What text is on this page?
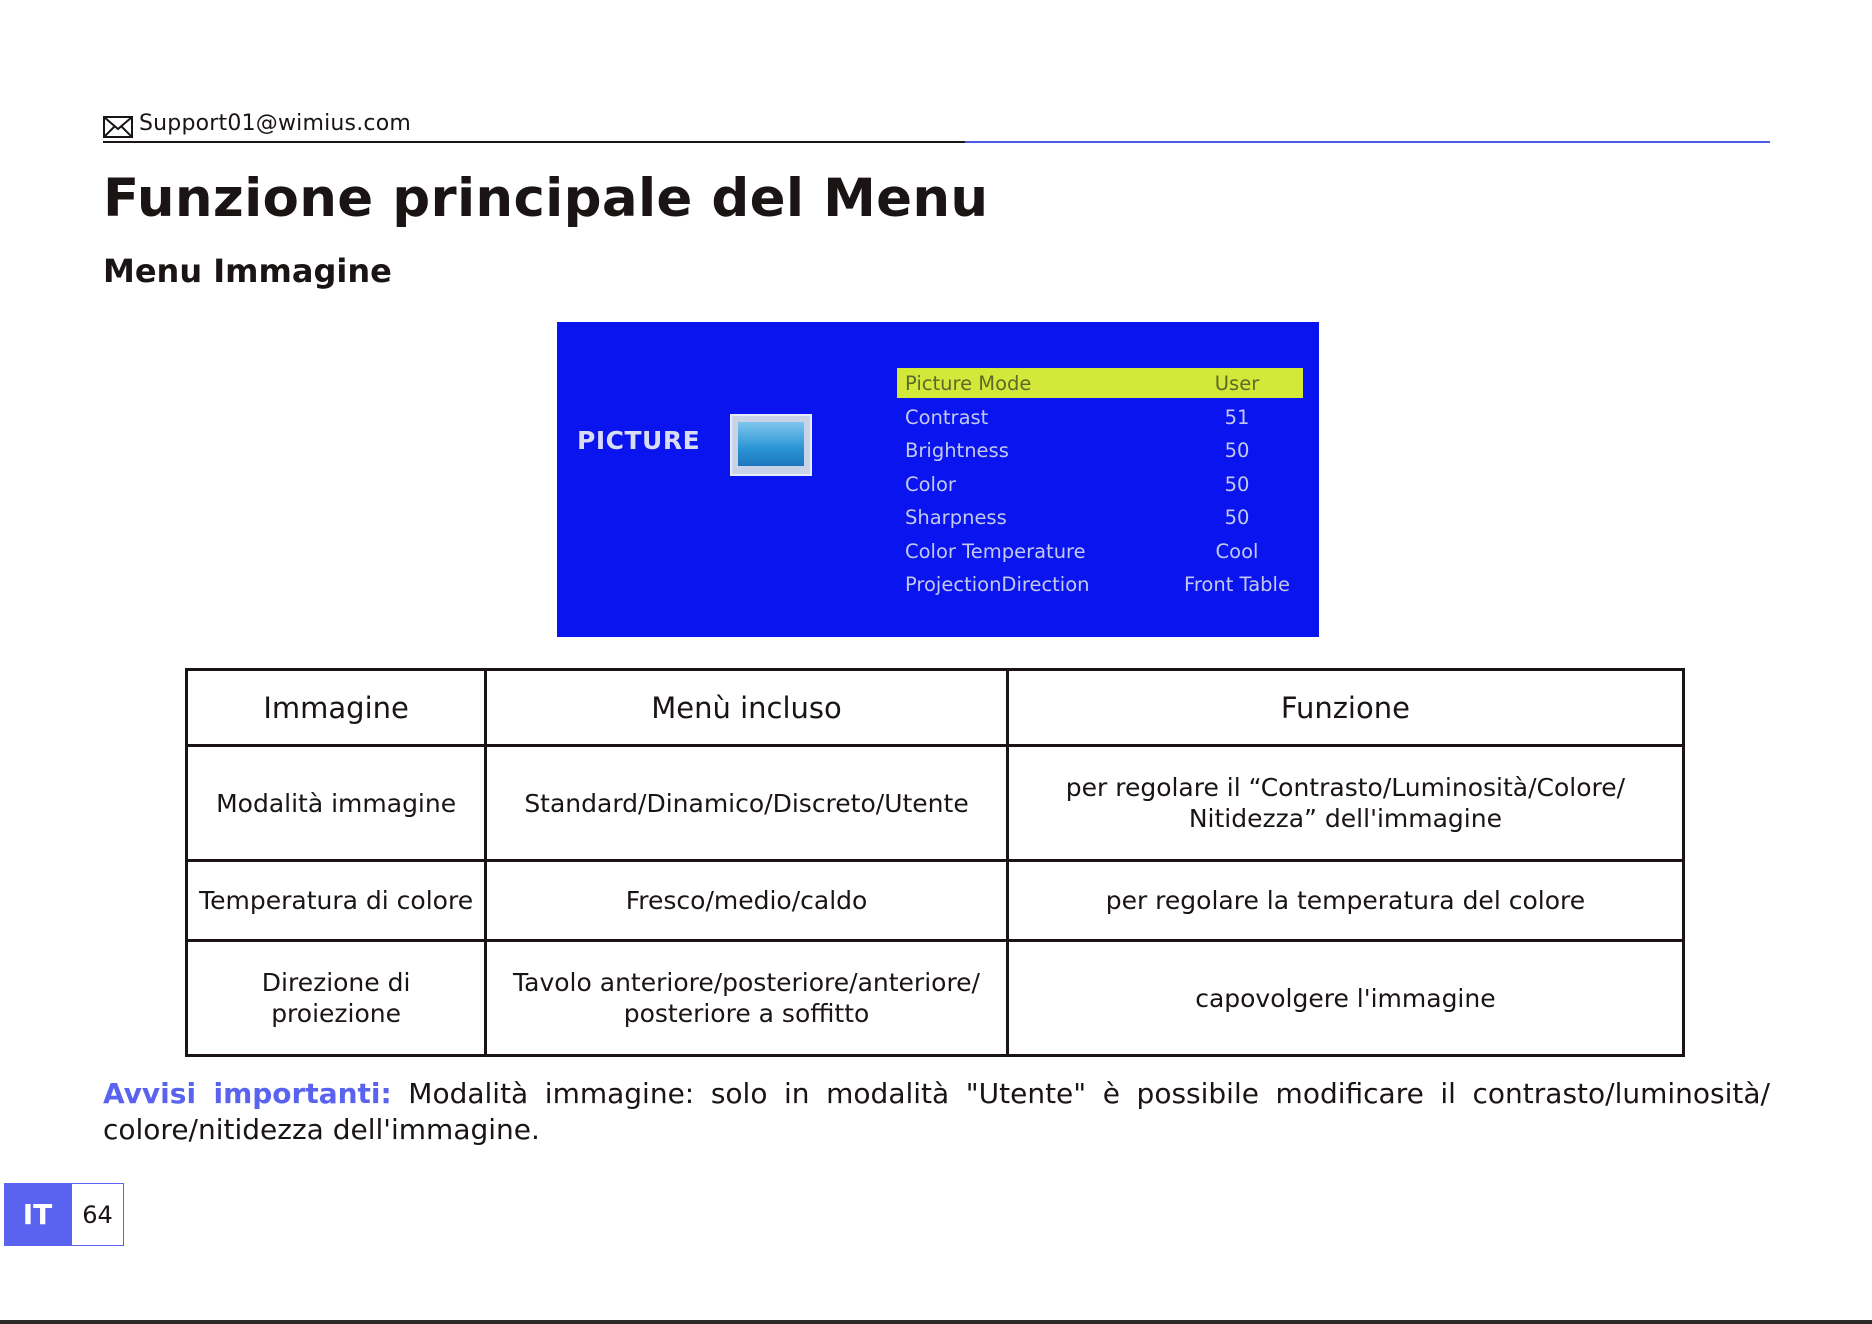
Support01@wimius.com
Funzione principale del Menu
Menu Immagine
PICTURE
Picture Mode	User
Contrast	51
Brightness	50
Color	50
Sharpness	50
Color Temperature	Cool
ProjectionDirection	Front Table
Immagine	Menù incluso	Funzione
Modalità immagine	Standard/Dinamico/Discreto/Utente	per regolare il “Contrasto/Luminosità/Colore/ Nitidezza” dell'immagine
Temperatura di colore	Fresco/medio/caldo	per regolare la temperatura del colore
Direzione di proiezione	Tavolo anteriore/posteriore/anteriore/ posteriore a soffitto	capovolgere l'immagine

Avvisi importanti: Modalità immagine: solo in modalità "Utente" è possibile modificare il contrasto/luminosità/ colore/nitidezza dell'immagine.

IT	64
